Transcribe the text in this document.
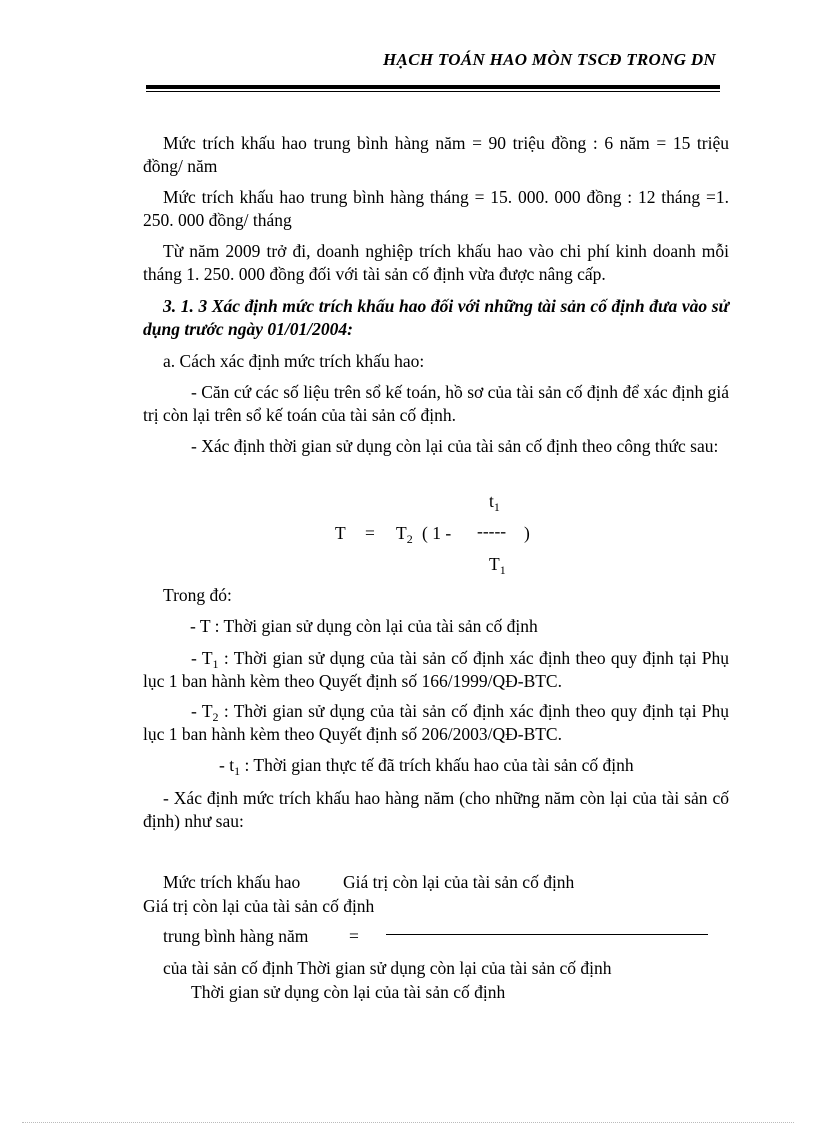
HẠCH TOÁN HAO MÒN TSCĐ TRONG DN
Mức trích khấu hao trung bình hàng năm = 90 triệu đồng : 6 năm = 15 triệu đồng/ năm
Mức trích khấu hao trung bình hàng tháng = 15. 000. 000 đồng : 12 tháng =1. 250. 000 đồng/ tháng
Từ năm 2009 trở đi, doanh nghiệp trích khấu hao vào chi phí kinh doanh mỗi tháng 1. 250. 000 đồng đối với tài sản cố định vừa được nâng cấp.
3. 1. 3 Xác định mức trích khấu hao đối với những tài sản cố định đưa vào sử dụng trước ngày 01/01/2004:
a. Cách xác định mức trích khấu hao:
- Căn cứ các số liệu trên sổ kế toán, hồ sơ của tài sản cố định để xác định giá trị còn lại trên sổ kế toán của tài sản cố định.
- Xác định thời gian sử dụng còn lại của tài sản cố định theo công thức sau:
$t_1$
$T = T_2$ ( 1 - ----- )
$T_1$
Trong đó:
- T : Thời gian sử dụng còn lại của tài sản cố định
- $T_1$ : Thời gian sử dụng của tài sản cố định xác định theo quy định tại Phụ lục 1 ban hành kèm theo Quyết định số 166/1999/QĐ-BTC.
- $T_2$ : Thời gian sử dụng của tài sản cố định xác định theo quy định tại Phụ lục 1 ban hành kèm theo Quyết định số 206/2003/QĐ-BTC.
- $t_1$ : Thời gian thực tế đã trích khấu hao của tài sản cố định
- Xác định mức trích khấu hao hàng năm (cho những năm còn lại của tài sản cố định) như sau:
Mức trích khấu hao Giá trị còn lại của tài sản cố định
Giá trị còn lại của tài sản cố định
trung bình hàng năm =
của tài sản cố định Thời gian sử dụng còn lại của tài sản cố định
Thời gian sử dụng còn lại của tài sản cố định
